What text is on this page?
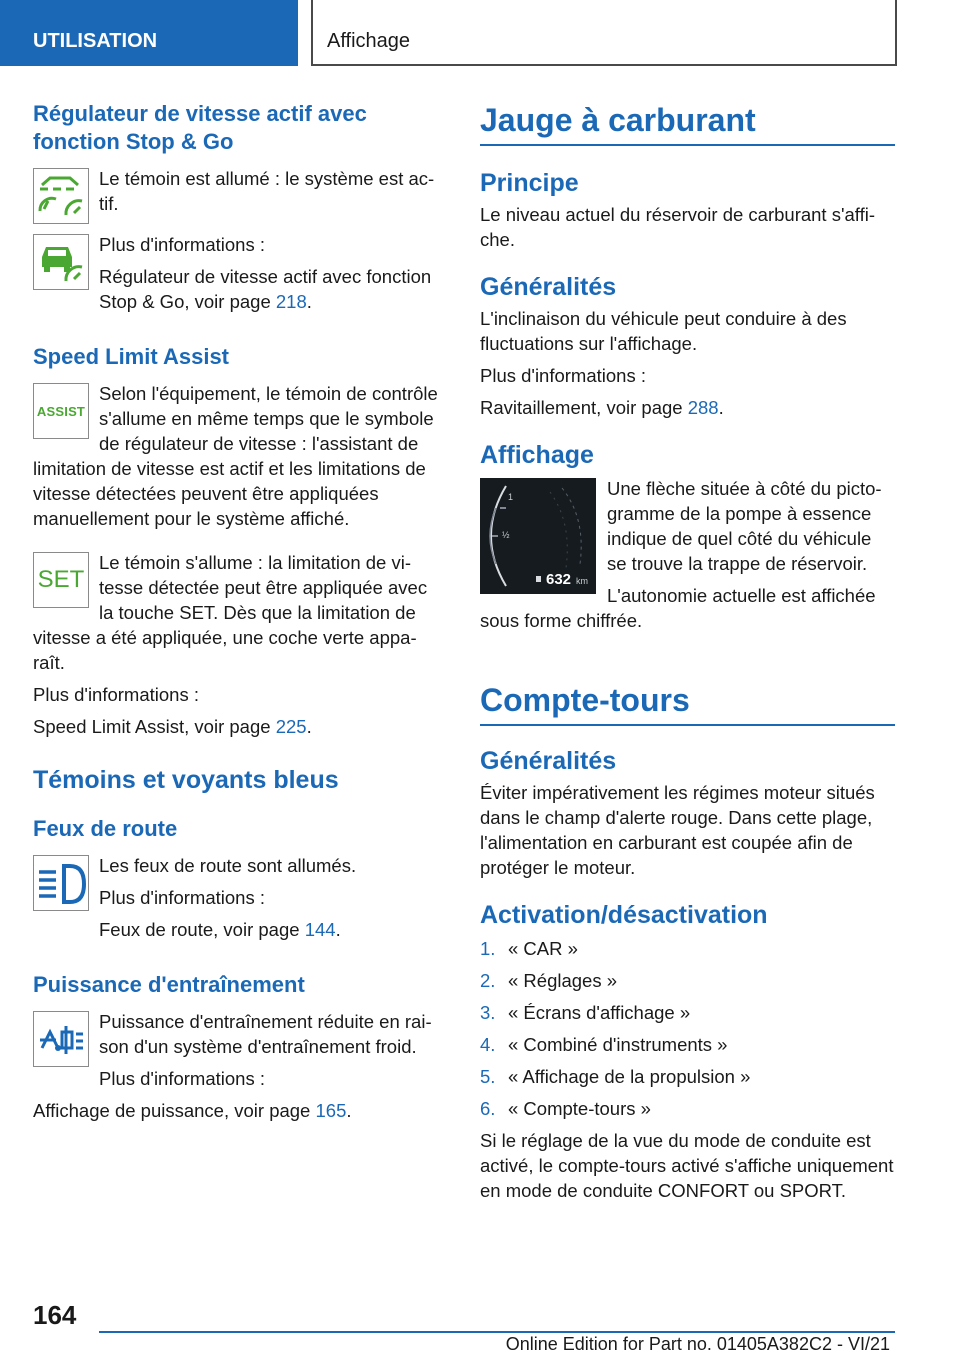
UTILISATION	Affichage
Régulateur de vitesse actif avec fonction Stop & Go

Le témoin est allumé : le système est actif.

Plus d'informations :

Régulateur de vitesse actif avec fonction Stop & Go, voir page 218.

Speed Limit Assist
ASSIST

Selon l'équipement, le témoin de contrôle s'allume en même temps que le symbole de régulateur de vitesse : l'assistant de limitation de vitesse est actif et les limitations de vitesse détectées peuvent être appliquées manuellement pour le système affiché.

SET

Le témoin s'allume : la limitation de vitesse détectée peut être appliquée avec la touche SET. Dès que la limitation de vitesse a été appliquée, une coche verte apparaît.

Plus d'informations :

Speed Limit Assist, voir page 225.

Témoins et voyants bleus
Feux de route

Les feux de route sont allumés.

Plus d'informations :

Feux de route, voir page 144.

Puissance d'entraînement

Puissance d'entraînement réduite en raison d'un système d'entraînement froid.

Plus d'informations :

Affichage de puissance, voir page 165.

Jauge à carburant
Principe

Le niveau actuel du réservoir de carburant s'affiche.

Généralités

L'inclinaison du véhicule peut conduire à des fluctuations sur l'affichage.

Plus d'informations :

Ravitaillement, voir page 288.

Affichage
1
½
632 km

Une flèche située à côté du pictogramme de la pompe à essence indique de quel côté du véhicule se trouve la trappe de réservoir.

L'autonomie actuelle est affichée sous forme chiffrée.

Compte-tours
Généralités

Éviter impérativement les régimes moteur situés dans le champ d'alerte rouge. Dans cette plage, l'alimentation en carburant est coupée afin de protéger le moteur.

Activation/désactivation
1. « CAR »
2. « Réglages »
3. « Écrans d'affichage »
4. « Combiné d'instruments »
5. « Affichage de la propulsion »
6. « Compte-tours »

Si le réglage de la vue du mode de conduite est activé, le compte-tours activé s'affiche uniquement en mode de conduite CONFORT ou SPORT.

164
Online Edition for Part no. 01405A382C2 - VI/21
